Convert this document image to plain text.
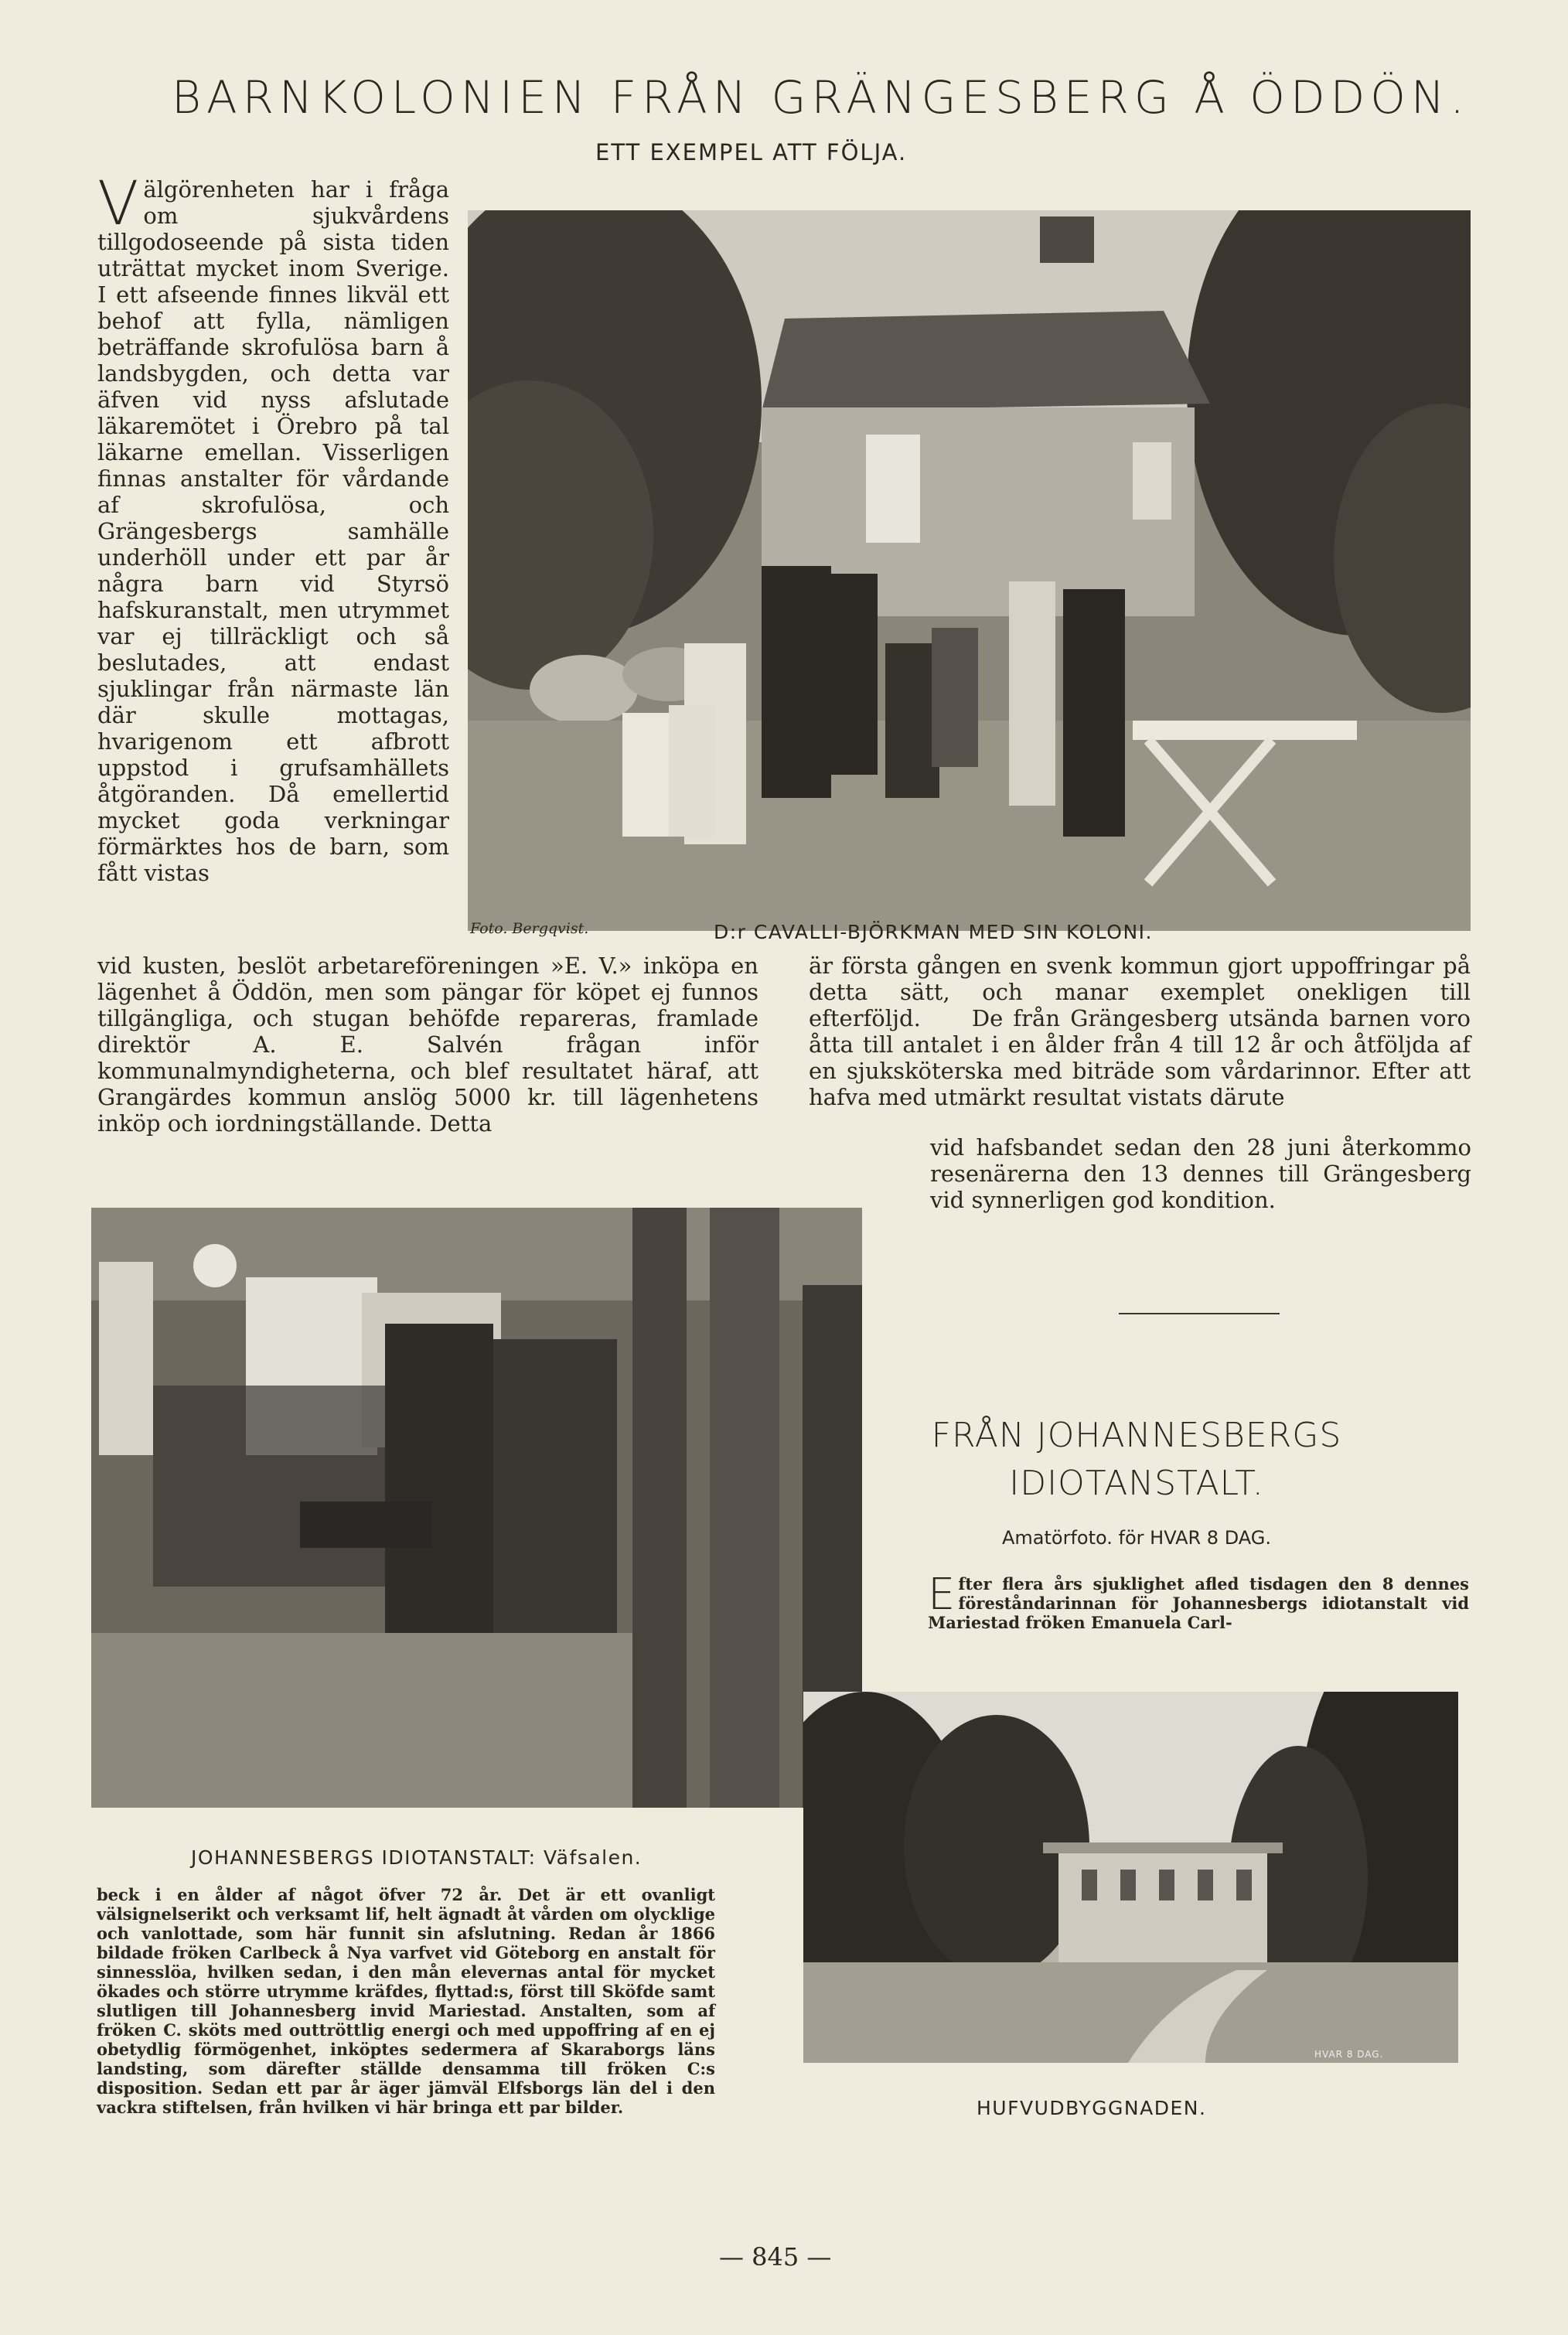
BARNKOLONIEN FRÅN GRÄNGESBERG Å ÖDDÖN.
ETT EXEMPEL ATT FÖLJA.

Välgörenheten har i fråga om sjukvårdens tillgodoseende på sista tiden uträttat mycket inom Sverige. I ett afseende finnes likväl ett behof att fylla, nämligen beträffande skrofulösa barn å landsbygden, och detta var äfven vid nyss afslutade läkaremötet i Örebro på tal läkarne emellan. Visserligen finnas anstalter för vårdande af skrofulösa, och Grängesbergs samhälle underhöll under ett par år några barn vid Styrsö hafskuranstalt, men utrymmet var ej tillräckligt och så beslutades, att endast sjuklingar från närmaste län där skulle mottagas, hvarigenom ett afbrott uppstod i grufsamhällets åtgöranden. Då emellertid mycket goda verkningar förmärktes hos de barn, som fått vistas

Foto. Bergqvist.	D:r CAVALLI-BJÖRKMAN MED SIN KOLONI.

vid kusten, beslöt arbetareföreningen »E. V.» inköpa en lägenhet å Öddön, men som pängar för köpet ej funnos tillgängliga, och stugan behöfde repareras, framlade direktör A. E. Salvén frågan inför kommunalmyndigheterna, och blef resultatet häraf, att Grangärdes kommun anslög 5000 kr. till lägenhetens inköp och iordningställande. Detta

är första gången en svenk kommun gjort uppoffringar på detta sätt, och manar exemplet onekligen till efterföljd.     De från Grängesberg utsända barnen voro åtta till antalet i en ålder från 4 till 12 år och åtföljda af en sjuksköterska med biträde som vårdarinnor. Efter att hafva med utmärkt resultat vistats därute

vid hafsbandet sedan den 28 juni återkommo resenärerna den 13 dennes till Grängesberg vid synnerligen god kondition.

JOHANNESBERGS IDIOTANSTALT: Väfsalen.

beck i en ålder af något öfver 72 år. Det är ett ovanligt välsignelserikt och verksamt lif, helt ägnadt åt vården om olycklige och vanlottade, som här funnit sin afslutning. Redan år 1866 bildade fröken Carlbeck å Nya varfvet vid Göteborg en anstalt för sinnesslöa, hvilken sedan, i den mån elevernas antal för mycket ökades och större utrymme kräfdes, flyttad:s, först till Sköfde samt slutligen till Johannesberg invid Mariestad. Anstalten, som af fröken C. sköts med outtröttlig energi och med uppoffring af en ej obetydlig förmögenhet, inköptes sedermera af Skaraborgs läns landsting, som därefter ställde densamma till fröken C:s disposition. Sedan ett par år äger jämväl Elfsborgs län del i den vackra stiftelsen, från hvilken vi här bringa ett par bilder.

FRÅN JOHANNESBERGS
IDIOTANSTALT.
Amatörfoto. för HVAR 8 DAG.

Efter flera års sjuklighet afled tisdagen den 8 dennes föreståndarinnan för Johannesbergs idiotanstalt vid Mariestad fröken Emanuela Carl-

HVAR 8 DAG.
HUFVUDBYGGNADEN.
— 845 —
